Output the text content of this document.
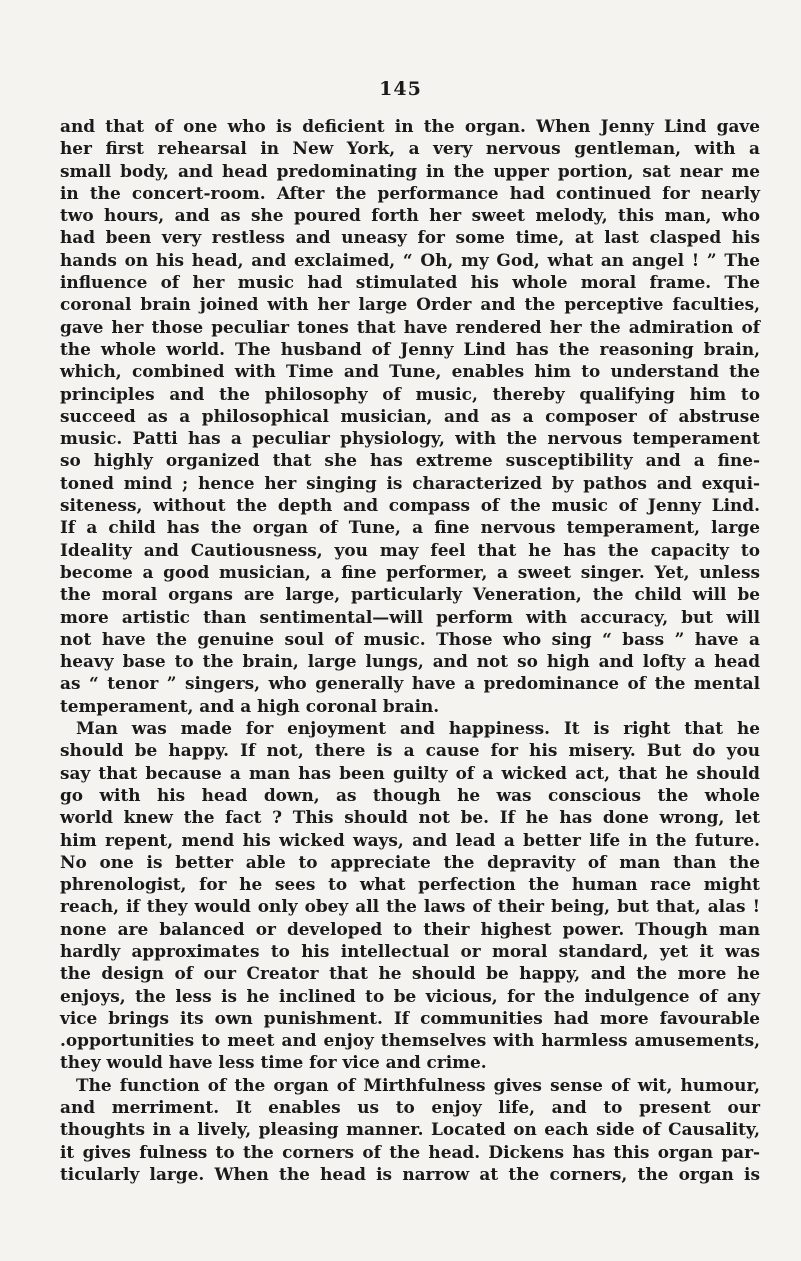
145
and that of one who is deficient in the organ. When Jenny Lind gave
her first rehearsal in New York, a very nervous gentleman, with a
small body, and head predominating in the upper portion, sat near me
in the concert-room. After the performance had continued for nearly
two hours, and as she poured forth her sweet melody, this man, who
had been very restless and uneasy for some time, at last clasped his
hands on his head, and exclaimed, “ Oh, my God, what an angel ! ” The
influence of her music had stimulated his whole moral frame. The
coronal brain joined with her large Order and the perceptive faculties,
gave her those peculiar tones that have rendered her the admiration of
the whole world. The husband of Jenny Lind has the reasoning brain,
which, combined with Time and Tune, enables him to understand the
principles and the philosophy of music, thereby qualifying him to
succeed as a philosophical musician, and as a composer of abstruse
music. Patti has a peculiar physiology, with the nervous temperament
so highly organized that she has extreme susceptibility and a fine-
toned mind ; hence her singing is characterized by pathos and exqui-
siteness, without the depth and compass of the music of Jenny Lind.
If a child has the organ of Tune, a fine nervous temperament, large
Ideality and Cautiousness, you may feel that he has the capacity to
become a good musician, a fine performer, a sweet singer. Yet, unless
the moral organs are large, particularly Veneration, the child will be
more artistic than sentimental—will perform with accuracy, but will
not have the genuine soul of music. Those who sing “ bass ” have a
heavy base to the brain, large lungs, and not so high and lofty a head
as “ tenor ” singers, who generally have a predominance of the mental
temperament, and a high coronal brain.
Man was made for enjoyment and happiness. It is right that he
should be happy. If not, there is a cause for his misery. But do you
say that because a man has been guilty of a wicked act, that he should
go with his head down, as though he was conscious the whole
world knew the fact ? This should not be. If he has done wrong, let
him repent, mend his wicked ways, and lead a better life in the future.
No one is better able to appreciate the depravity of man than the
phrenologist, for he sees to what perfection the human race might
reach, if they would only obey all the laws of their being, but that, alas !
none are balanced or developed to their highest power. Though man
hardly approximates to his intellectual or moral standard, yet it was
the design of our Creator that he should be happy, and the more he
enjoys, the less is he inclined to be vicious, for the indulgence of any
vice brings its own punishment. If communities had more favourable
.opportunities to meet and enjoy themselves with harmless amusements,
they would have less time for vice and crime.
The function of the organ of Mirthfulness gives sense of wit, humour,
and merriment. It enables us to enjoy life, and to present our
thoughts in a lively, pleasing manner. Located on each side of Causality,
it gives fulness to the corners of the head. Dickens has this organ par-
ticularly large. When the head is narrow at the corners, the organ is
